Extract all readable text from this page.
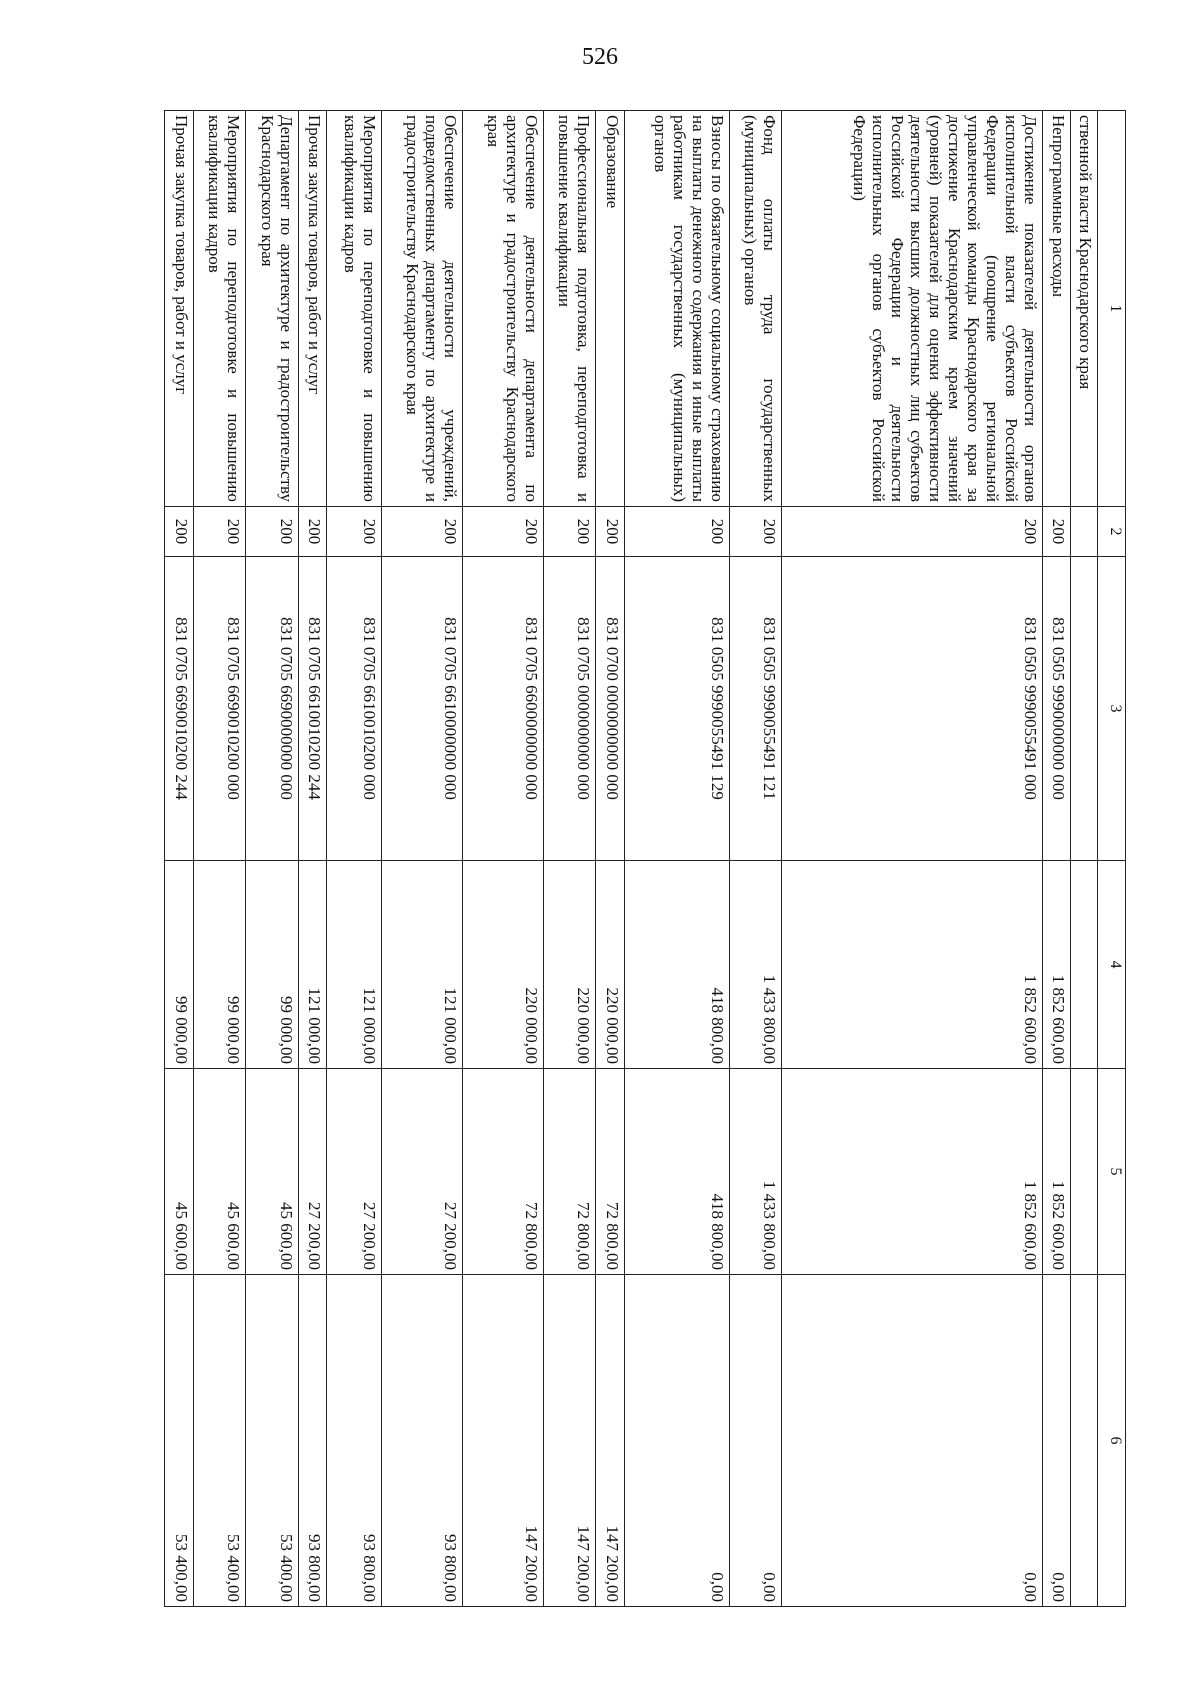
526
1	2	3	4	5	6
ственной власти Краснодарского края					
Непрограммные расходы	200	831 0505 9990000000 000	1 852 600,00	1 852 600,00	0,00
Достижение показателей деятельности органов исполнительной власти субъектов Российской Федерации (поощрение региональной управленческой команды Краснодарского края за достижение Краснодарским краем значений (уровней) показателей для оценки эффективности деятельности высших должностных лиц субъектов Российской Федерации и деятельности исполнительных органов субъектов Российской Федерации)	200	831 0505 9990055491 000	1 852 600,00	1 852 600,00	0,00
Фонд оплаты труда государственных (муниципальных) органов	200	831 0505 9990055491 121	1 433 800,00	1 433 800,00	0,00
Взносы по обязательному социальному страхованию на выплаты денежного содержания и иные выплаты работникам государственных (муниципальных) органов	200	831 0505 9990055491 129	418 800,00	418 800,00	0,00
Образование	200	831 0700 0000000000 000	220 000,00	72 800,00	147 200,00
Профессиональная подготовка, переподготовка и повышение квалификации	200	831 0705 0000000000 000	220 000,00	72 800,00	147 200,00
Обеспечение деятельности департамента по архитектуре и градостроительству Краснодарского края	200	831 0705 6600000000 000	220 000,00	72 800,00	147 200,00
Обеспечение деятельности учреждений, подведомственных департаменту по архитектуре и градостроительству Краснодарского края	200	831 0705 6610000000 000	121 000,00	27 200,00	93 800,00
Мероприятия по переподготовке и повышению квалификации кадров	200	831 0705 6610010200 000	121 000,00	27 200,00	93 800,00
Прочая закупка товаров, работ и услуг	200	831 0705 6610010200 244	121 000,00	27 200,00	93 800,00
Департамент по архитектуре и градостроительству Краснодарского края	200	831 0705 6690000000 000	99 000,00	45 600,00	53 400,00
Мероприятия по переподготовке и повышению квалификации кадров	200	831 0705 6690010200 000	99 000,00	45 600,00	53 400,00
Прочая закупка товаров, работ и услуг	200	831 0705 6690010200 244	99 000,00	45 600,00	53 400,00
